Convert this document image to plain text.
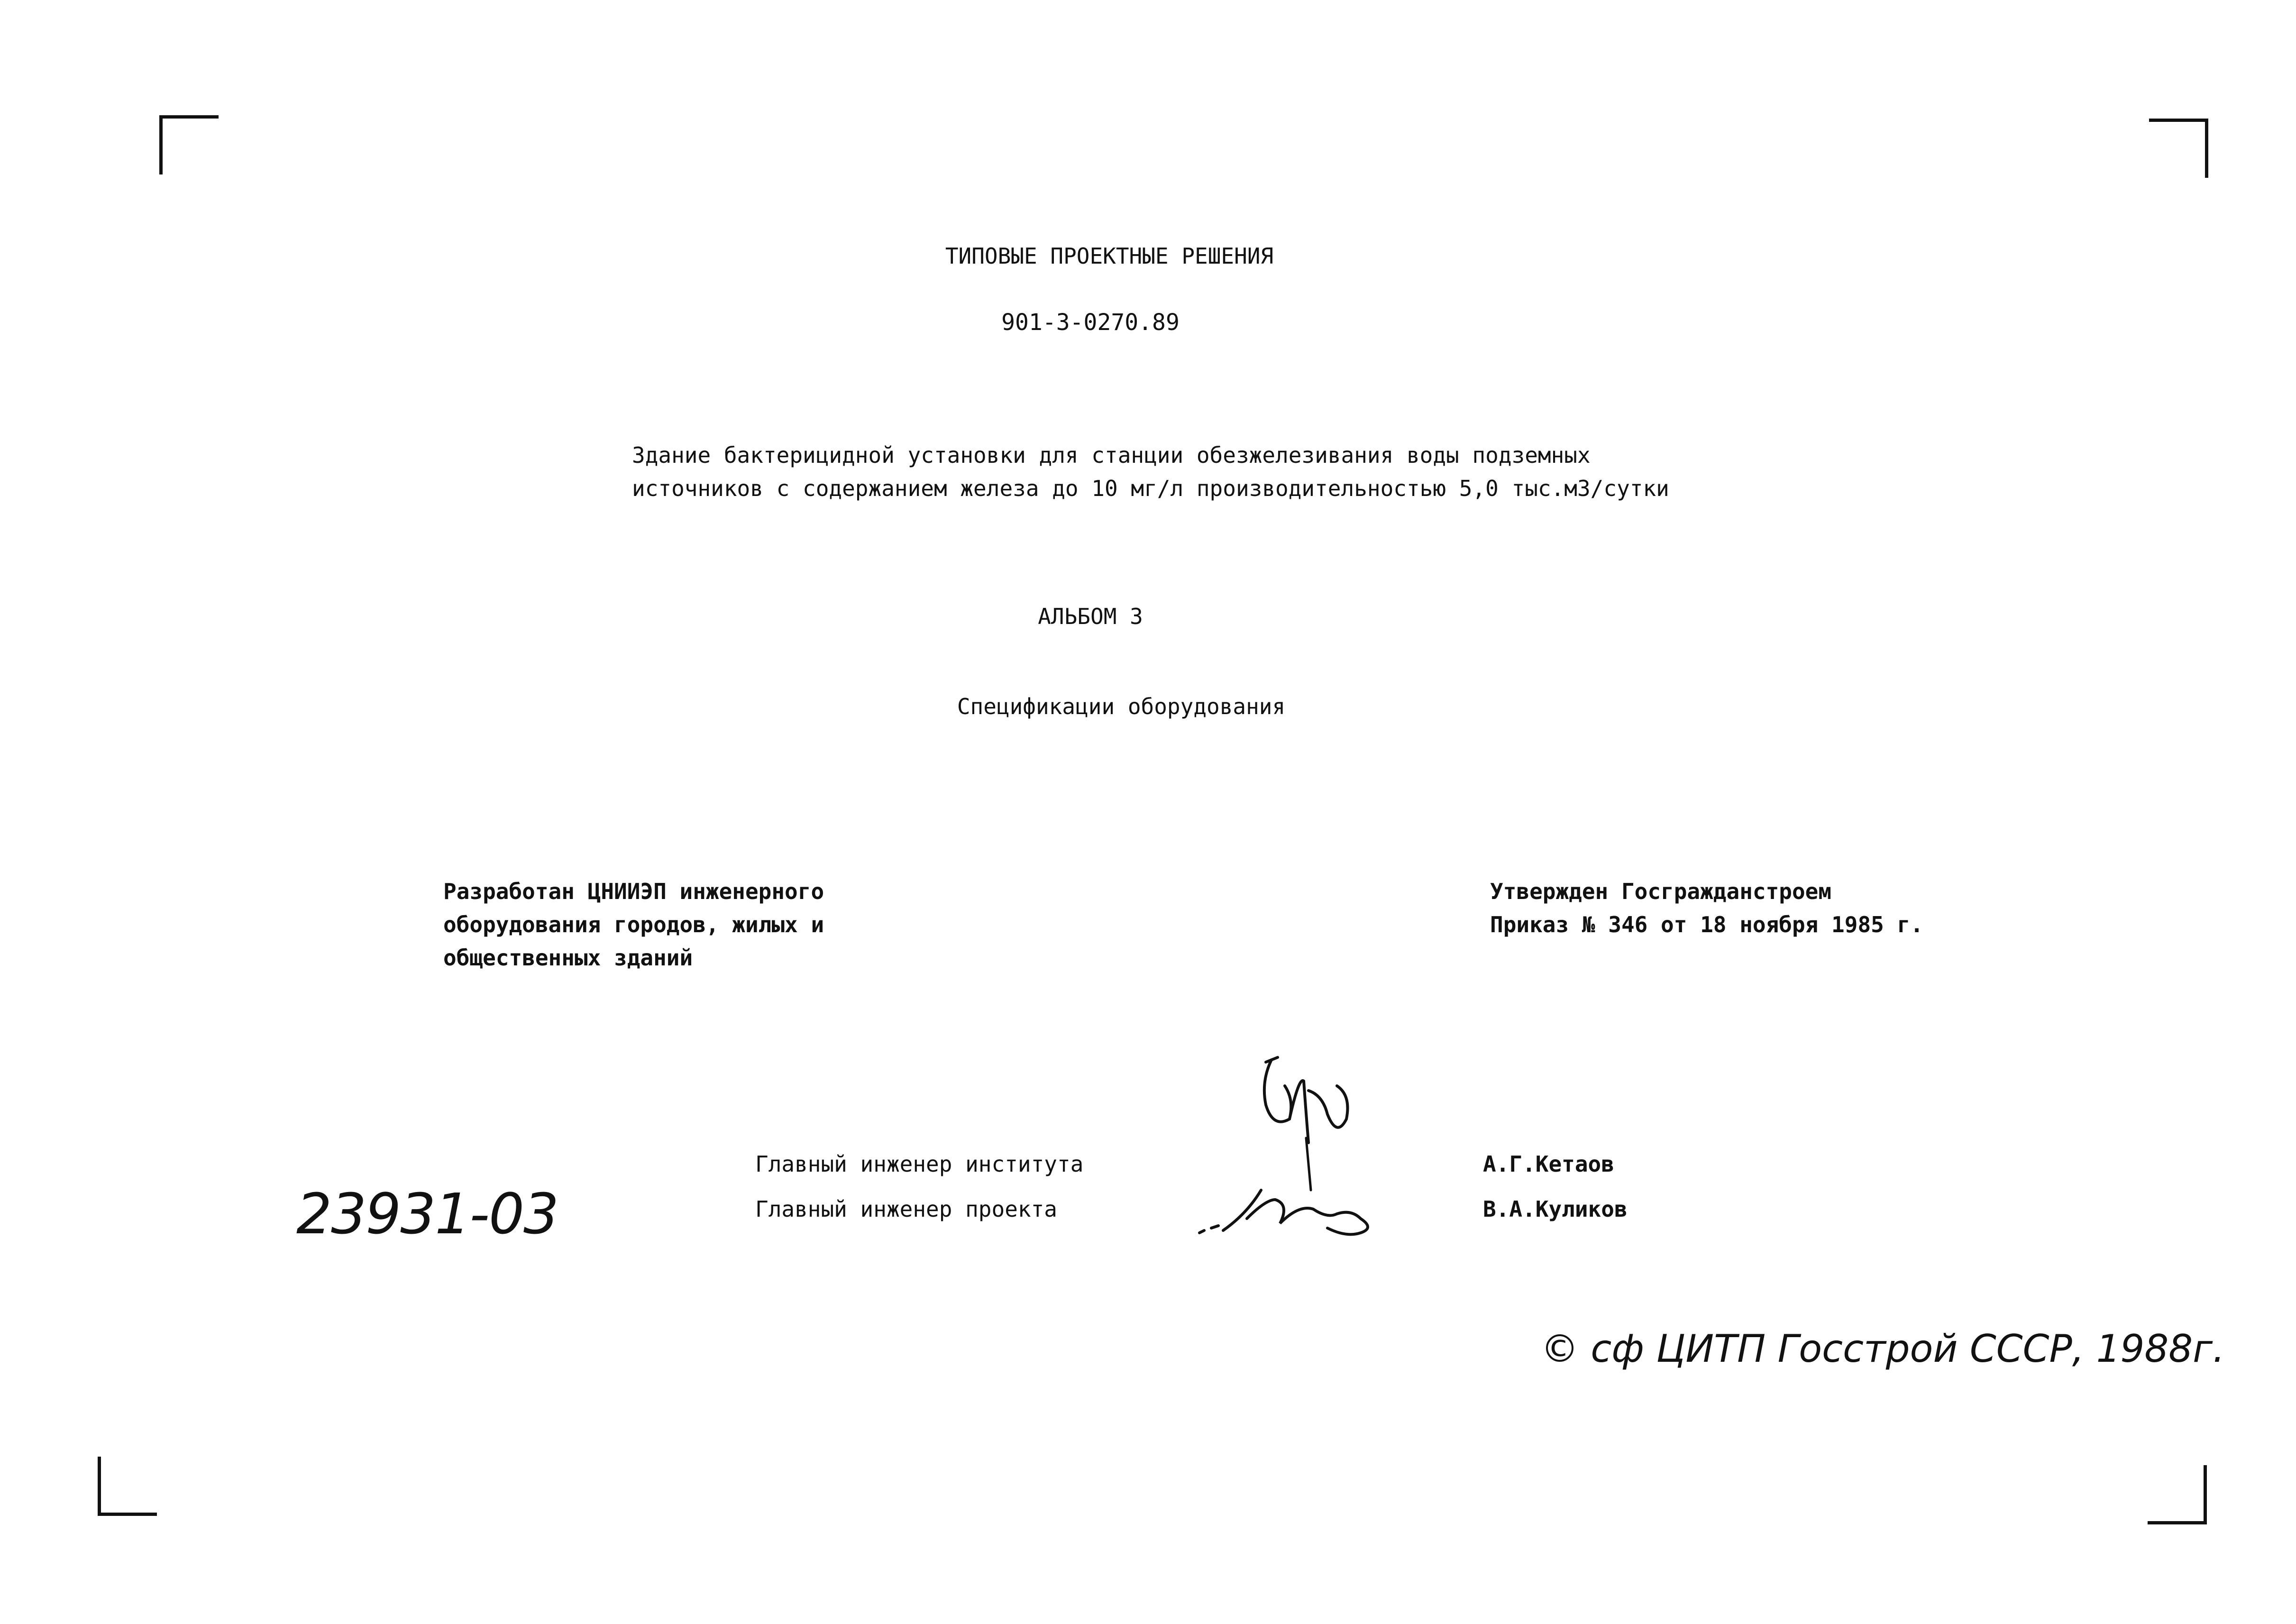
ТИПОВЫЕ ПРОЕКТНЫЕ РЕШЕНИЯ
901-3-0270.89
Здание бактерицидной установки для станции обезжелезивания воды подземных
источников с содержанием железа до 10 мг/л производительностью 5,0 тыс.м3/сутки
АЛЬБОМ 3
Спецификации оборудования
Разработан ЦНИИЭП инженерного
оборудования городов, жилых и
общественных зданий
Утвержден Госгражданстроем
Приказ № 346 от 18 ноября 1985 г.
Главный инженер института
Главный инженер проекта
А.Г.Кетаов
В.А.Куликов
23931-03
© сф ЦИТП Госстрой СССР, 1988г.
